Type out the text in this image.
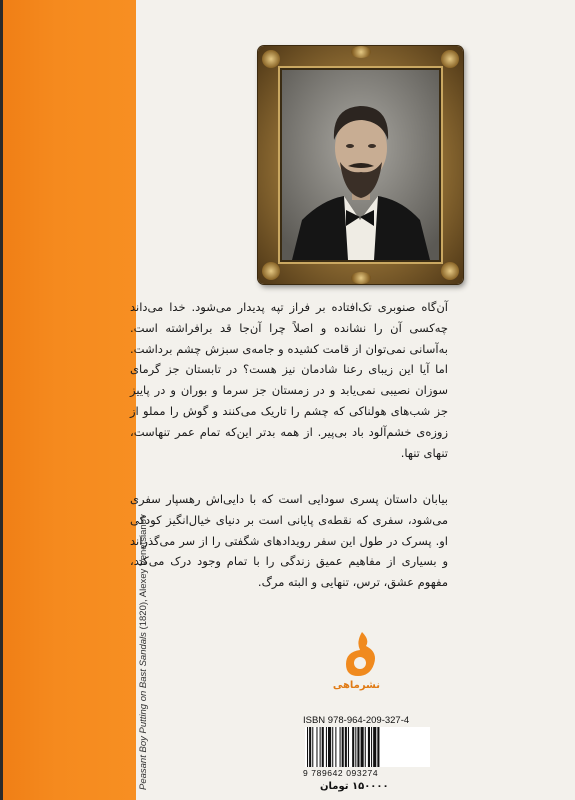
Peasant Boy Putting on Bast Sandals (1820), Alexey Venetsianov

آن‌گاه صنوبری تک‌افتاده بر فراز تپه پدیدار می‌شود. خدا می‌داند چه‌کسی آن را نشانده و اصلاً چرا آن‌جا قد برافراشته است. به‌آسانی نمی‌توان از قامت کشیده و جامه‌ی سبزش چشم برداشت. اما آیا این زیبای رعنا شادمان نیز هست؟ در تابستان جز گرمای سوزان نصیبی نمی‌یابد و در زمستان جز سرما و بوران و در پاییز جز شب‌های هولناکی که چشم را تاریک می‌کنند و گوش را مملو از زوزه‌ی خشم‌آلود باد بی‌پیر. از همه بدتر این‌که تمام عمر تنهاست، تنهای تنها.

بیابان داستان پسری سودایی است که با دایی‌اش رهسپار سفری می‌شود، سفری که نقطه‌ی پایانی است بر دنیای خیال‌انگیز کودکی او. پسرک در طول این سفر رویدادهای شگفتی را از سر می‌گذراند و بسیاری از مفاهیم عمیق زندگی را با تمام وجود درک می‌کند، مفهوم عشق، ترس، تنهایی و البته مرگ.

نشرماهی
ISBN 978-964-209-327-4
9 789642 093274
۱۵۰۰۰۰ تومان
